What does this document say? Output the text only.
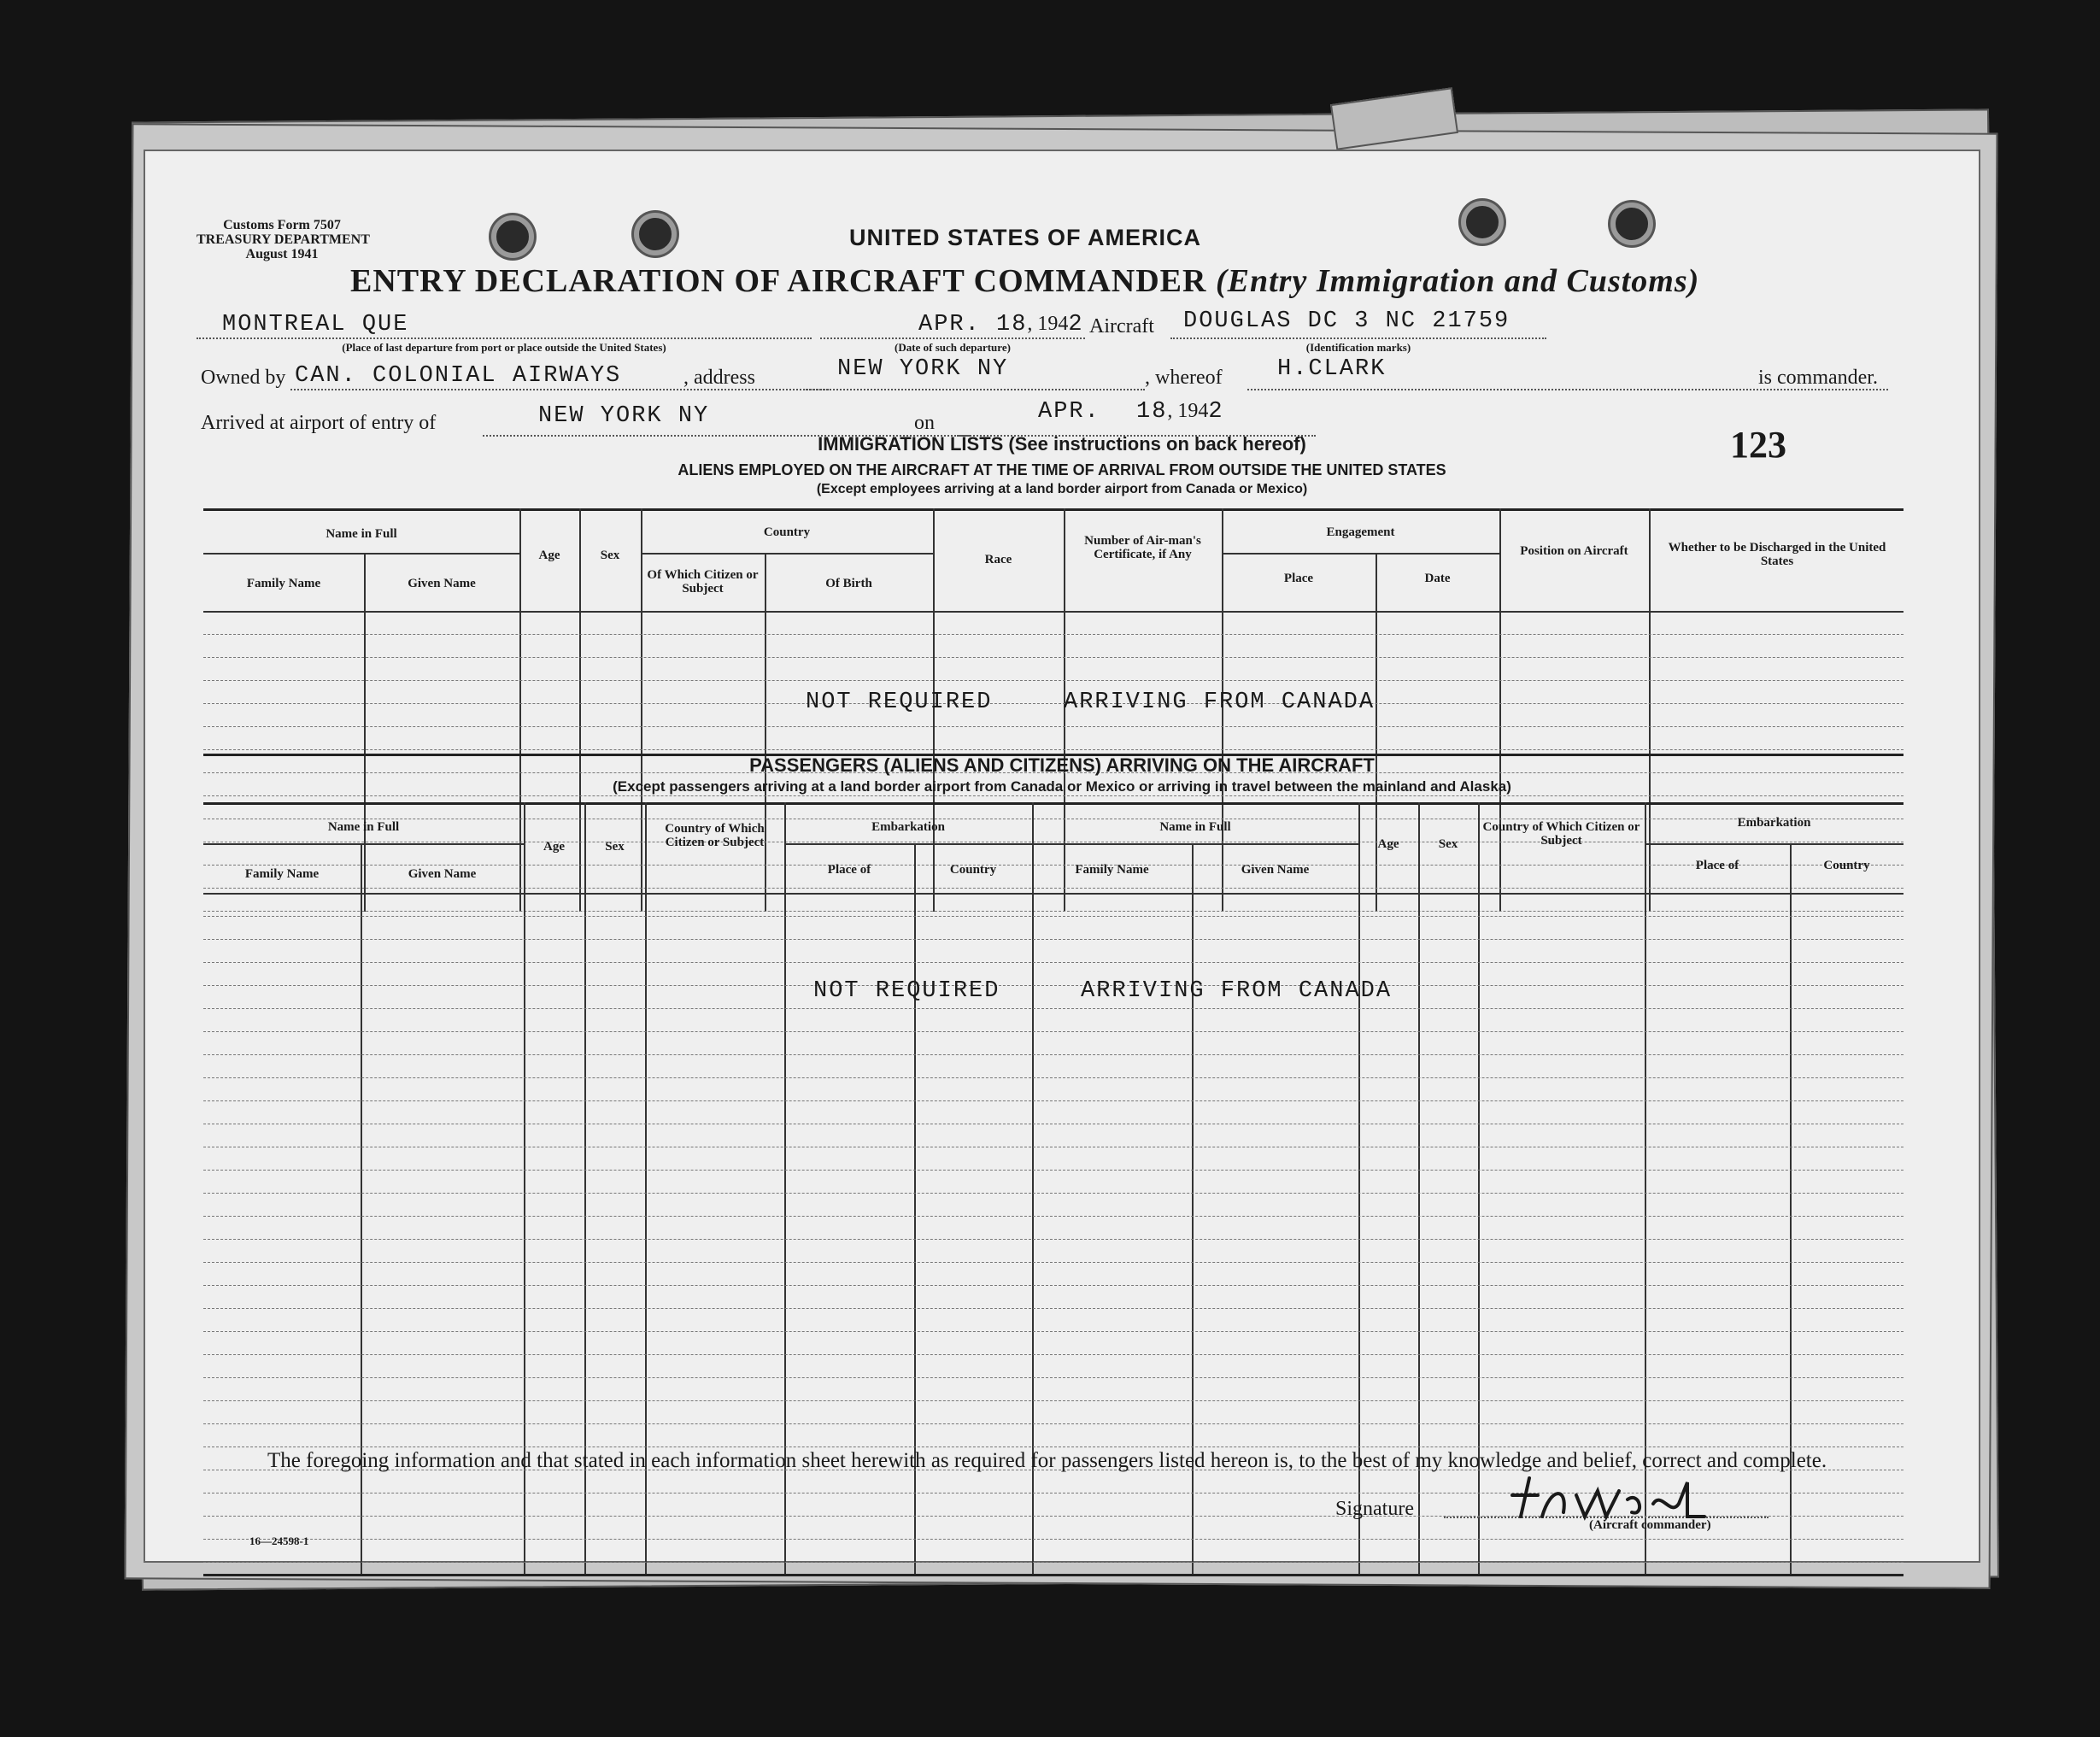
Customs Form 7507
TREASURY DEPARTMENT
August 1941
UNITED STATES OF AMERICA
ENTRY DECLARATION OF AIRCRAFT COMMANDER (Entry Immigration and Customs)
MONTREAL QUE
(Place of last departure from port or place outside the United States)
APR. 18, 1942
(Date of such departure)
Aircraft DOUGLAS DC 3 NC 21759
(Identification marks)
Owned by CAN. COLONIAL AIRWAYS	, address	NEW YORK NY	, whereof H.CLARK	is commander.
Arrived at airport of entry of	NEW YORK NY	on	APR. 18, 1942
123
IMMIGRATION LISTS (See instructions on back hereof)
ALIENS EMPLOYED ON THE AIRCRAFT AT THE TIME OF ARRIVAL FROM OUTSIDE THE UNITED STATES
(Except employees arriving at a land border airport from Canada or Mexico)
Name in Full
Family Name	Given Name
Age	Sex
Country
Of Which Citizen or Subject	Of Birth
Race
Number of Air-man's Certificate, if Any
Engagement
Place	Date
Position on Aircraft	Whether to be Discharged in the United States
NOT REQUIRED	ARRIVING FROM CANADA
PASSENGERS (ALIENS AND CITIZENS) ARRIVING ON THE AIRCRAFT
(Except passengers arriving at a land border airport from Canada or Mexico or arriving in travel between the mainland and Alaska)
Name in Full
Family Name	Given Name
Age	Sex
Country of Which Citizen or Subject
Embarkation
Place of	Country
Name in Full
Family Name	Given Name
Age	Sex
Country of Which Citizen or Subject
Embarkation
Place of	Country
NOT REQUIRED	ARRIVING FROM CANADA
The foregoing information and that stated in each information sheet herewith as required for passengers listed hereon is, to the best of my knowledge and belief, correct and complete.
Signature
(Aircraft commander)
16—24598-1
